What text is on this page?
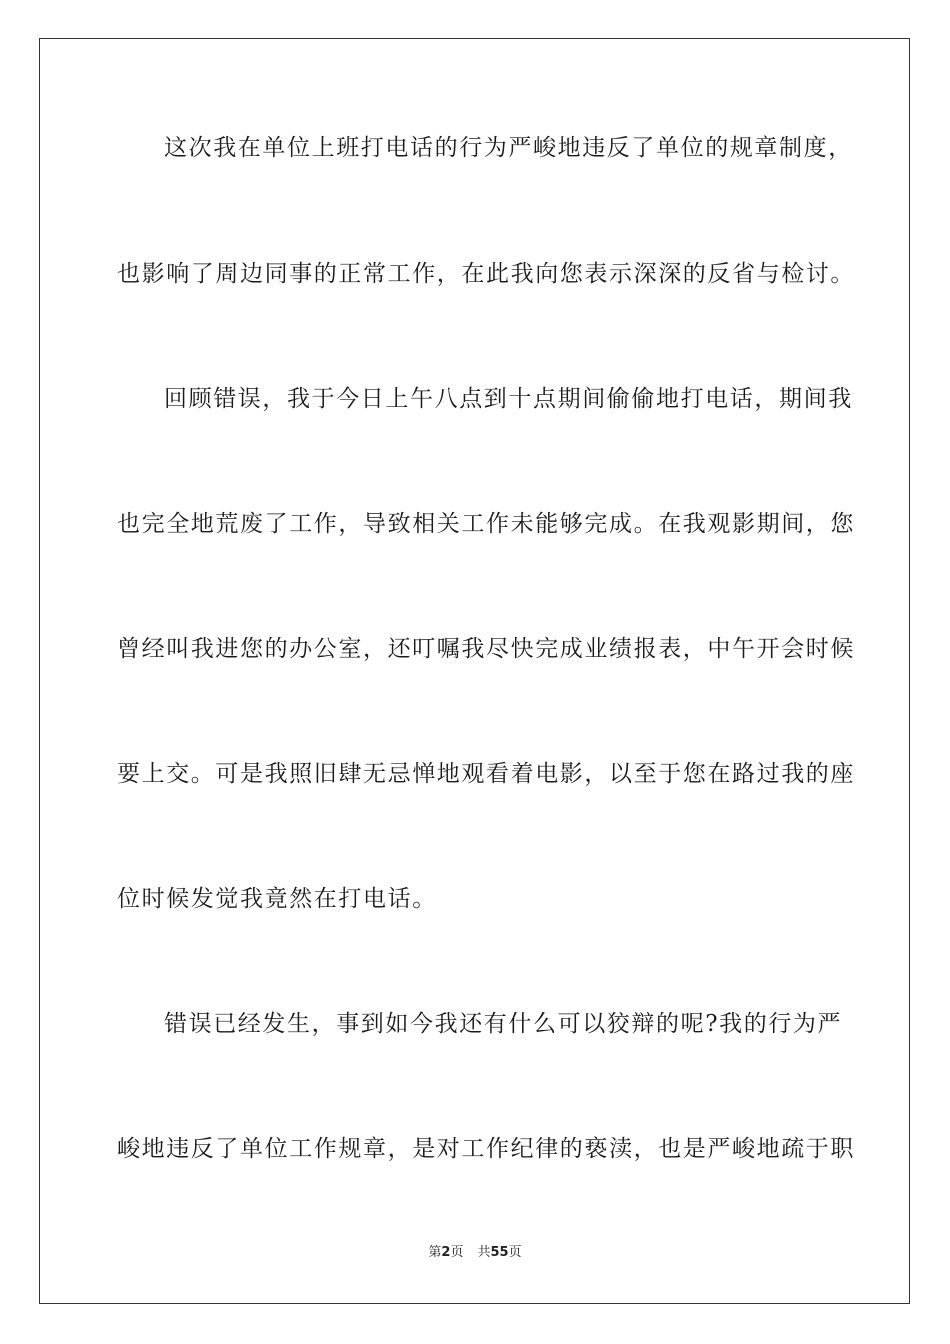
这次我在单位上班打电话的行为严峻地违反了单位的规章制度，
也影响了周边同事的正常工作，在此我向您表示深深的反省与检讨。
回顾错误，我于今日上午八点到十点期间偷偷地打电话，期间我
也完全地荒废了工作，导致相关工作未能够完成。在我观影期间，您
曾经叫我进您的办公室，还叮嘱我尽快完成业绩报表，中午开会时候
要上交。可是我照旧肆无忌惮地观看着电影，以至于您在路过我的座
位时候发觉我竟然在打电话。
错误已经发生，事到如今我还有什么可以狡辩的呢?我的行为严
峻地违反了单位工作规章，是对工作纪律的亵渎，也是严峻地疏于职
第2页 共55页
